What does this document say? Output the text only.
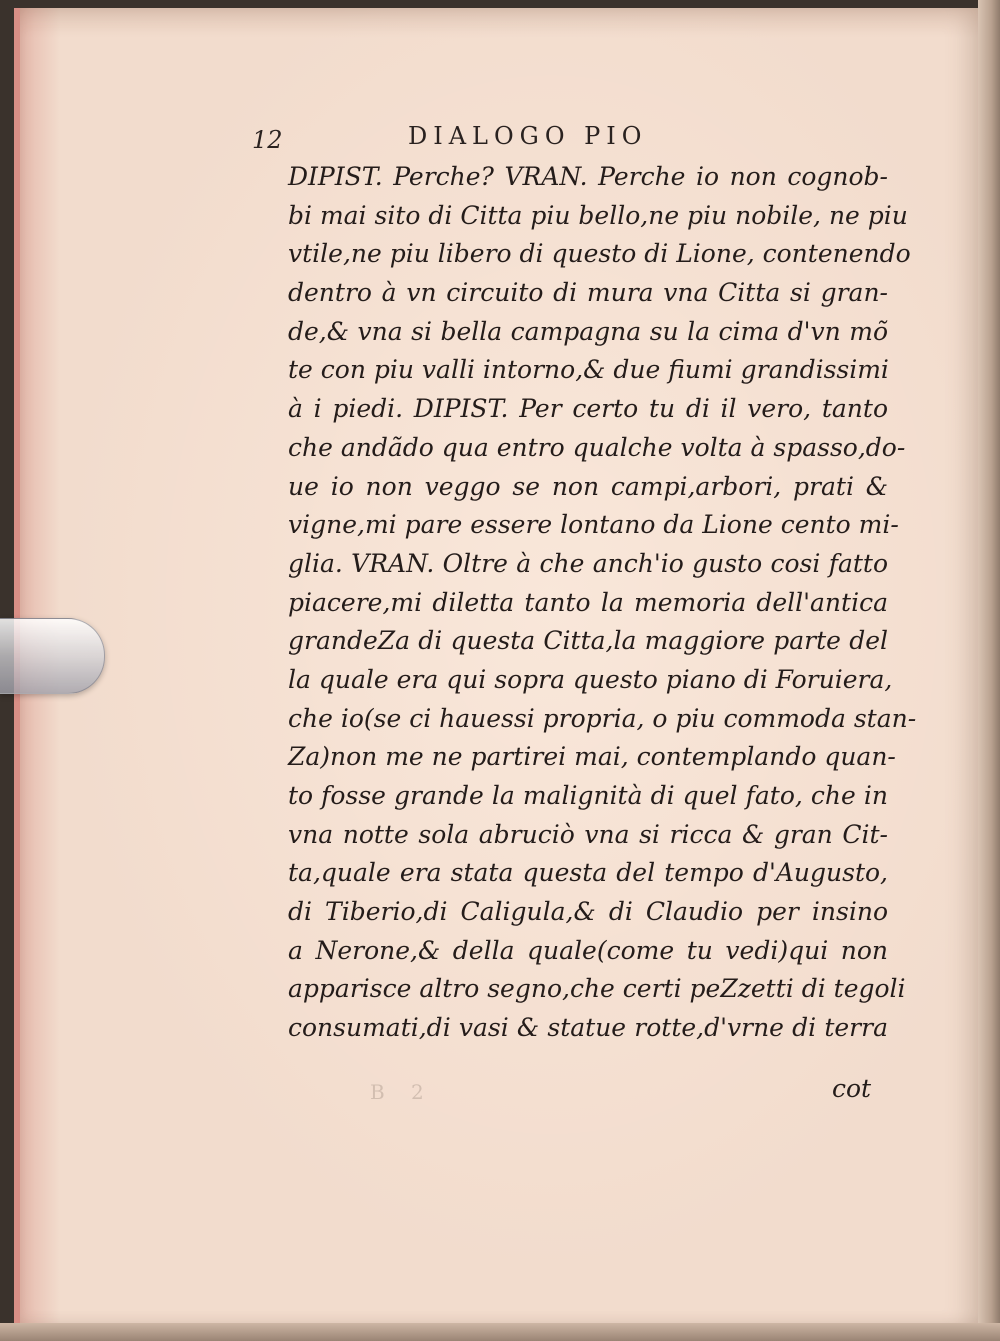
12	DIALOGO PIO
B 2
DIPIST. Perche? VRAN. Perche io non cognob-
bi mai sito di Citta piu bello,ne piu nobile, ne piu
vtile,ne piu libero di questo di Lione, contenendo
dentro à vn circuito di mura vna Citta si gran-
de,& vna si bella campagna su la cima d'vn mõ
te con piu valli intorno,& due fiumi grandissimi
à i piedi. DIPIST. Per certo tu di il vero, tanto
che andãdo qua entro qualche volta à spasso,do-
ue io non veggo se non campi,arbori, prati &
vigne,mi pare essere lontano da Lione cento mi-
glia. VRAN. Oltre à che anch'io gusto cosi fatto
piacere,mi diletta tanto la memoria dell'antica
grandeZa di questa Citta,la maggiore parte del
la quale era qui sopra questo piano di Foruiera,
che io(se ci hauessi propria, o piu commoda stan-
Za)non me ne partirei mai, contemplando quan-
to fosse grande la malignità di quel fato, che in
vna notte sola abruciò vna si ricca & gran Cit-
ta,quale era stata questa del tempo d'Augusto,
di Tiberio,di Caligula,& di Claudio per insino
a Nerone,& della quale(come tu vedi)qui non
apparisce altro segno,che certi peZzetti di tegoli
consumati,di vasi & statue rotte,d'vrne di terra
cot
